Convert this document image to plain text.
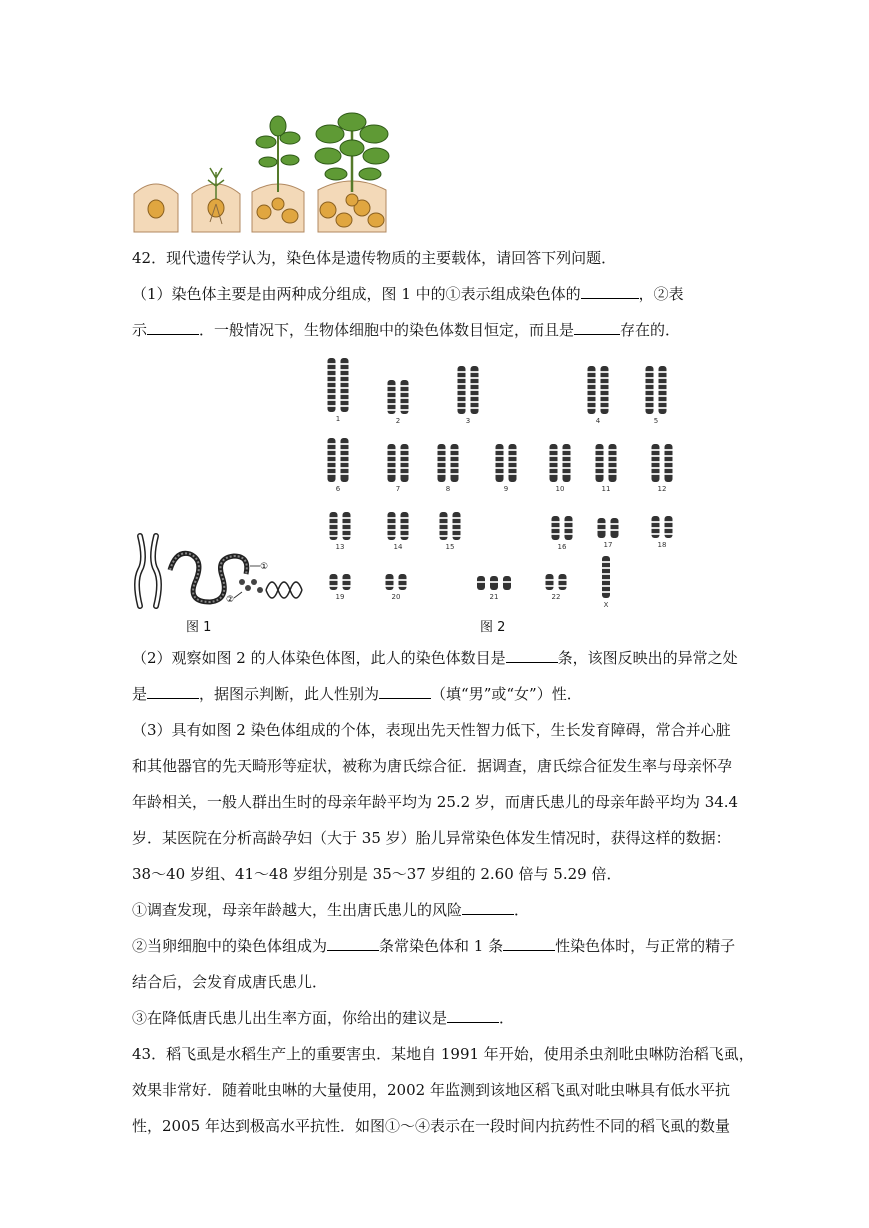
42．现代遗传学认为，染色体是遗传物质的主要载体，请回答下列问题．
（1）染色体主要是由两种成分组成，图 1 中的①表示组成染色体的	，②表
示	．一般情况下，生物体细胞中的染色体数目恒定，而且是	存在的．
①
②
图 1
1	2	3	4	5
6	7	8	9	10	11	12
13	14	15	16	17	18
19	20	21	22
X
图 2
（2）观察如图 2 的人体染色体图，此人的染色体数目是	条，该图反映出的异常之处
是	，据图示判断，此人性别为	（填“男”或“女”）性．
（3）具有如图 2 染色体组成的个体，表现出先天性智力低下，生长发育障碍，常合并心脏
和其他器官的先天畸形等症状，被称为唐氏综合征．据调查，唐氏综合征发生率与母亲怀孕
年龄相关，一般人群出生时的母亲年龄平均为 25.2 岁，而唐氏患儿的母亲年龄平均为 34.4
岁．某医院在分析高龄孕妇（大于 35 岁）胎儿异常染色体发生情况时，获得这样的数据：
38～40 岁组、41～48 岁组分别是 35～37 岁组的 2.60 倍与 5.29 倍．
①调查发现，母亲年龄越大，生出唐氏患儿的风险	．
②当卵细胞中的染色体组成为	条常染色体和 1 条	性染色体时，与正常的精子
结合后，会发育成唐氏患儿．
③在降低唐氏患儿出生率方面，你给出的建议是	．
43．稻飞虱是水稻生产上的重要害虫．某地自 1991 年开始，使用杀虫剂吡虫啉防治稻飞虱，
效果非常好．随着吡虫啉的大量使用，2002 年监测到该地区稻飞虱对吡虫啉具有低水平抗
性，2005 年达到极高水平抗性．如图①～④表示在一段时间内抗药性不同的稻飞虱的数量
